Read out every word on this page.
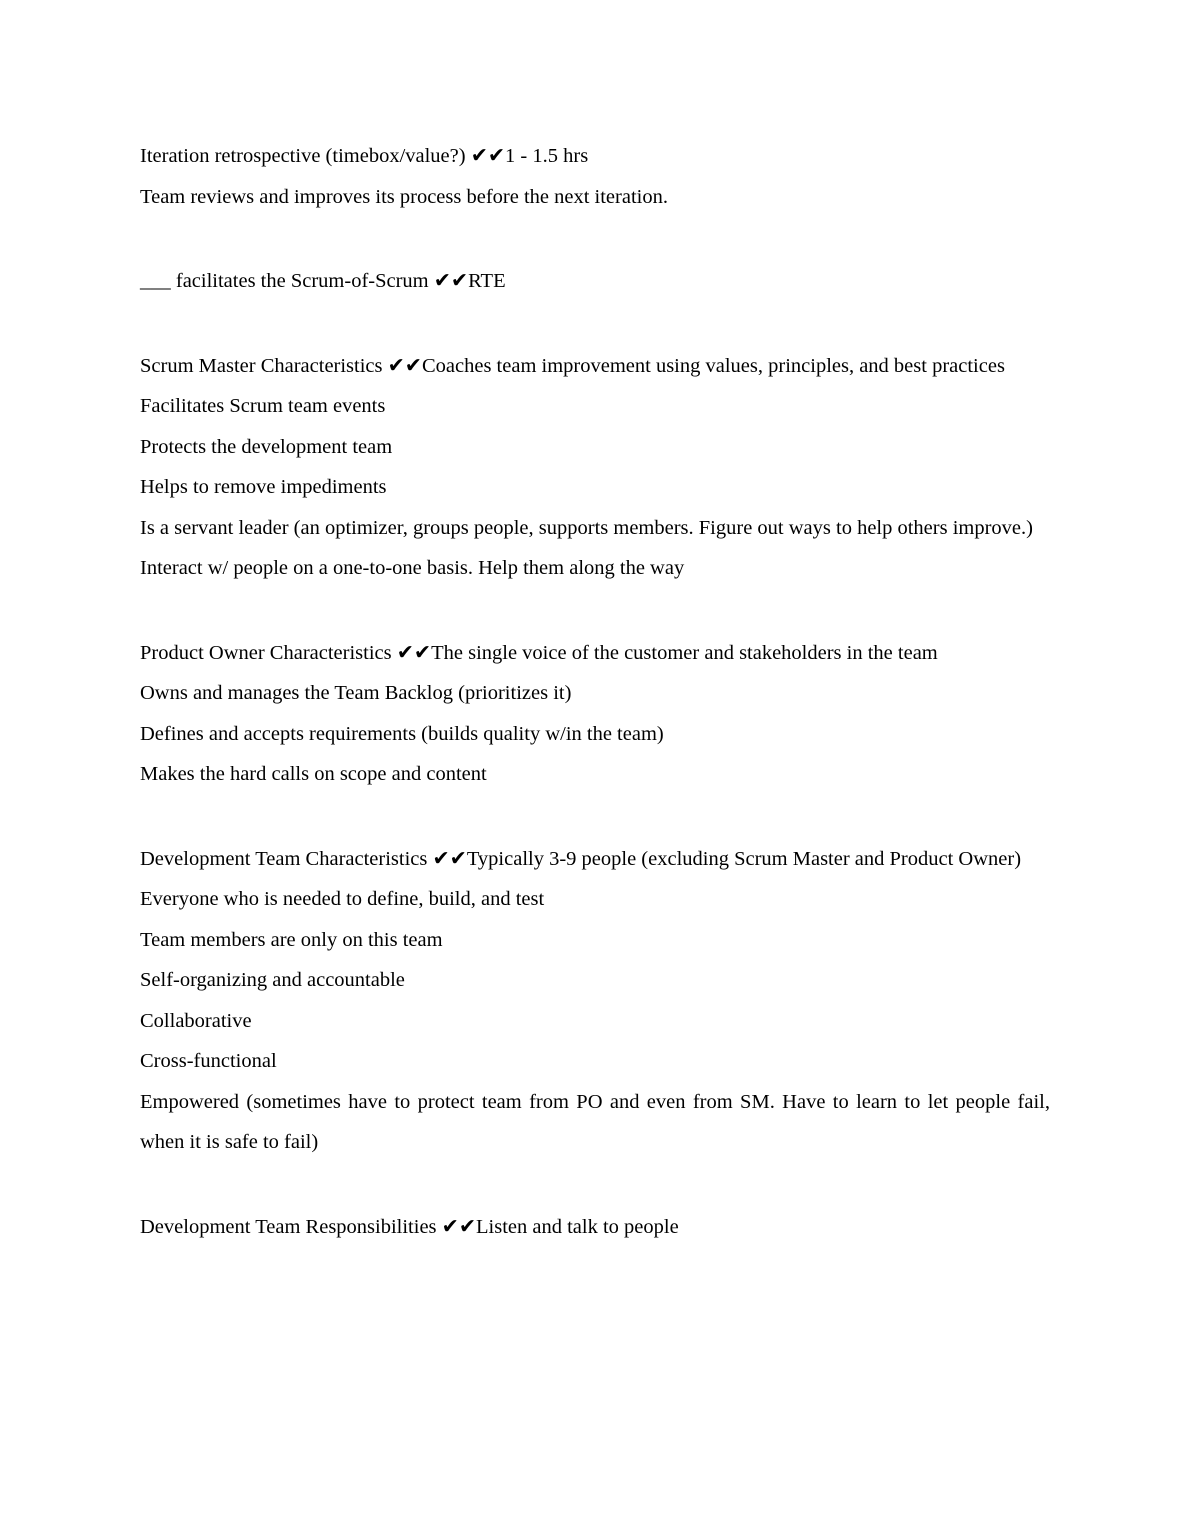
Iteration retrospective (timebox/value?) ✔✔1 - 1.5 hrs

Team reviews and improves its process before the next iteration.

___ facilitates the Scrum-of-Scrum ✔✔RTE

Scrum Master Characteristics ✔✔Coaches team improvement using values, principles, and best practices

Facilitates Scrum team events

Protects the development team

Helps to remove impediments

Is a servant leader (an optimizer, groups people, supports members. Figure out ways to help others improve.)

Interact w/ people on a one-to-one basis. Help them along the way

Product Owner Characteristics ✔✔The single voice of the customer and stakeholders in the team

Owns and manages the Team Backlog (prioritizes it)

Defines and accepts requirements (builds quality w/in the team)

Makes the hard calls on scope and content

Development Team Characteristics ✔✔Typically 3-9 people (excluding Scrum Master and Product Owner)

Everyone who is needed to define, build, and test

Team members are only on this team

Self-organizing and accountable

Collaborative

Cross-functional

Empowered (sometimes have to protect team from PO and even from SM. Have to learn to let people fail, when it is safe to fail)

Development Team Responsibilities ✔✔Listen and talk to people
